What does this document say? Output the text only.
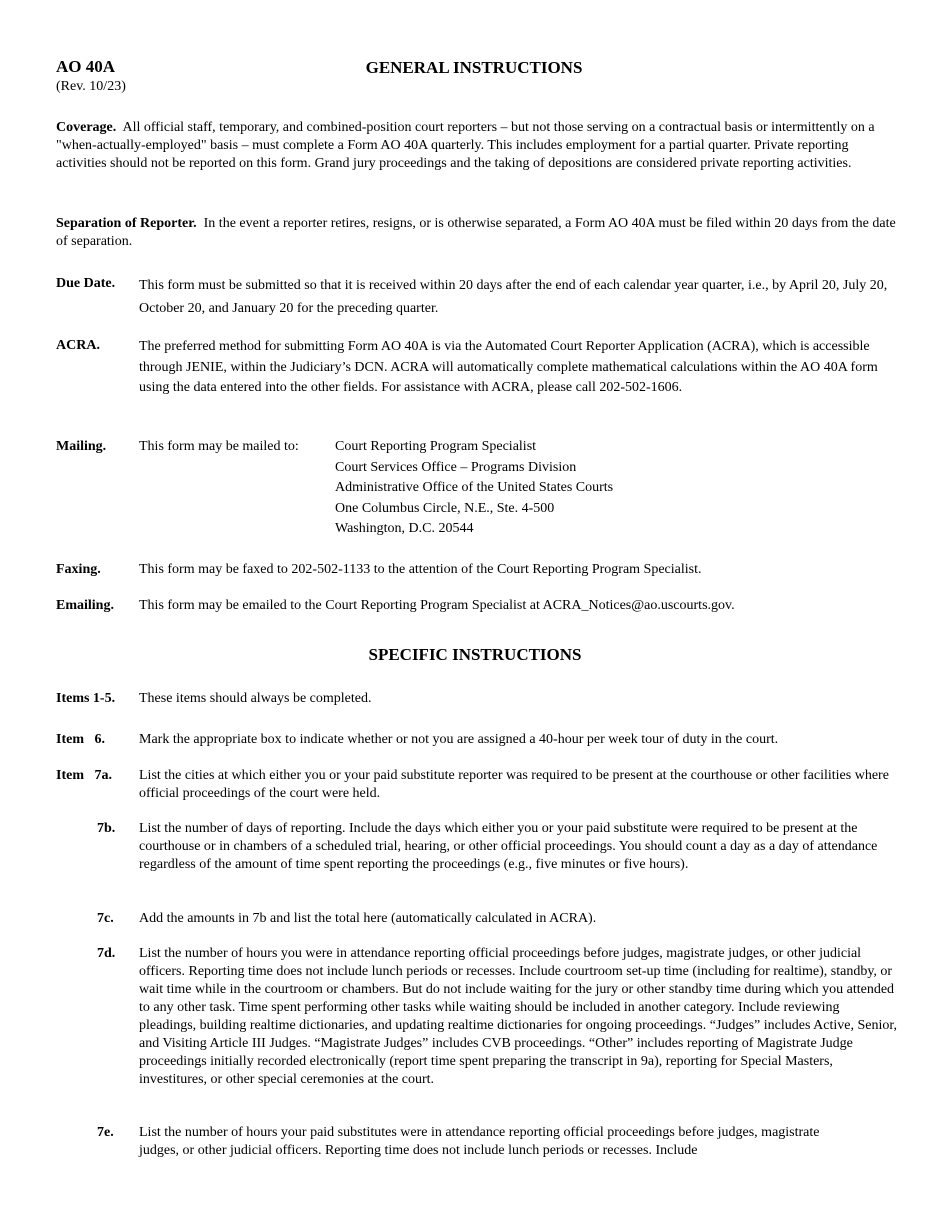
AO 40A
(Rev. 10/23)
GENERAL INSTRUCTIONS
Coverage. All official staff, temporary, and combined-position court reporters – but not those serving on a contractual basis or intermittently on a "when-actually-employed" basis – must complete a Form AO 40A quarterly. This includes employment for a partial quarter. Private reporting activities should not be reported on this form. Grand jury proceedings and the taking of depositions are considered private reporting activities.
Separation of Reporter. In the event a reporter retires, resigns, or is otherwise separated, a Form AO 40A must be filed within 20 days from the date of separation.
Due Date. This form must be submitted so that it is received within 20 days after the end of each calendar year quarter, i.e., by April 20, July 20, October 20, and January 20 for the preceding quarter.
ACRA.	The preferred method for submitting Form AO 40A is via the Automated Court Reporter Application (ACRA), which is accessible through JENIE, within the Judiciary’s DCN. ACRA will automatically complete mathematical calculations within the AO 40A form using the data entered into the other fields. For assistance with ACRA, please call 202-502-1606.
Mailing. This form may be mailed to:	Court Reporting Program Specialist
Court Services Office – Programs Division
Administrative Office of the United States Courts
One Columbus Circle, N.E., Ste. 4-500
Washington, D.C. 20544
Faxing.	This form may be faxed to 202-502-1133 to the attention of the Court Reporting Program Specialist.
Emailing. This form may be emailed to the Court Reporting Program Specialist at ACRA_Notices@ao.uscourts.gov.
SPECIFIC INSTRUCTIONS
Items 1-5. These items should always be completed.
Item   6. Mark the appropriate box to indicate whether or not you are assigned a 40-hour per week tour of duty in the court.
Item   7a. List the cities at which either you or your paid substitute reporter was required to be present at the courthouse or other facilities where official proceedings of the court were held.
7b. List the number of days of reporting. Include the days which either you or your paid substitute were required to be present at the courthouse or in chambers of a scheduled trial, hearing, or other official proceedings. You should count a day as a day of attendance regardless of the amount of time spent reporting the proceedings (e.g., five minutes or five hours).
7c. Add the amounts in 7b and list the total here (automatically calculated in ACRA).
7d. List the number of hours you were in attendance reporting official proceedings before judges, magistrate judges, or other judicial officers. Reporting time does not include lunch periods or recesses. Include courtroom set-up time (including for realtime), standby, or wait time while in the courtroom or chambers. But do not include waiting for the jury or other standby time during which you attended to any other task. Time spent performing other tasks while waiting should be included in another category. Include reviewing pleadings, building realtime dictionaries, and updating realtime dictionaries for ongoing proceedings. “Judges” includes Active, Senior, and Visiting Article III Judges. “Magistrate Judges” includes CVB proceedings. “Other” includes reporting of Magistrate Judge proceedings initially recorded electronically (report time spent preparing the transcript in 9a), reporting for Special Masters, investitures, or other special ceremonies at the court.
7e. List the number of hours your paid substitutes were in attendance reporting official proceedings before judges, magistrate judges, or other judicial officers. Reporting time does not include lunch periods or recesses. Include
